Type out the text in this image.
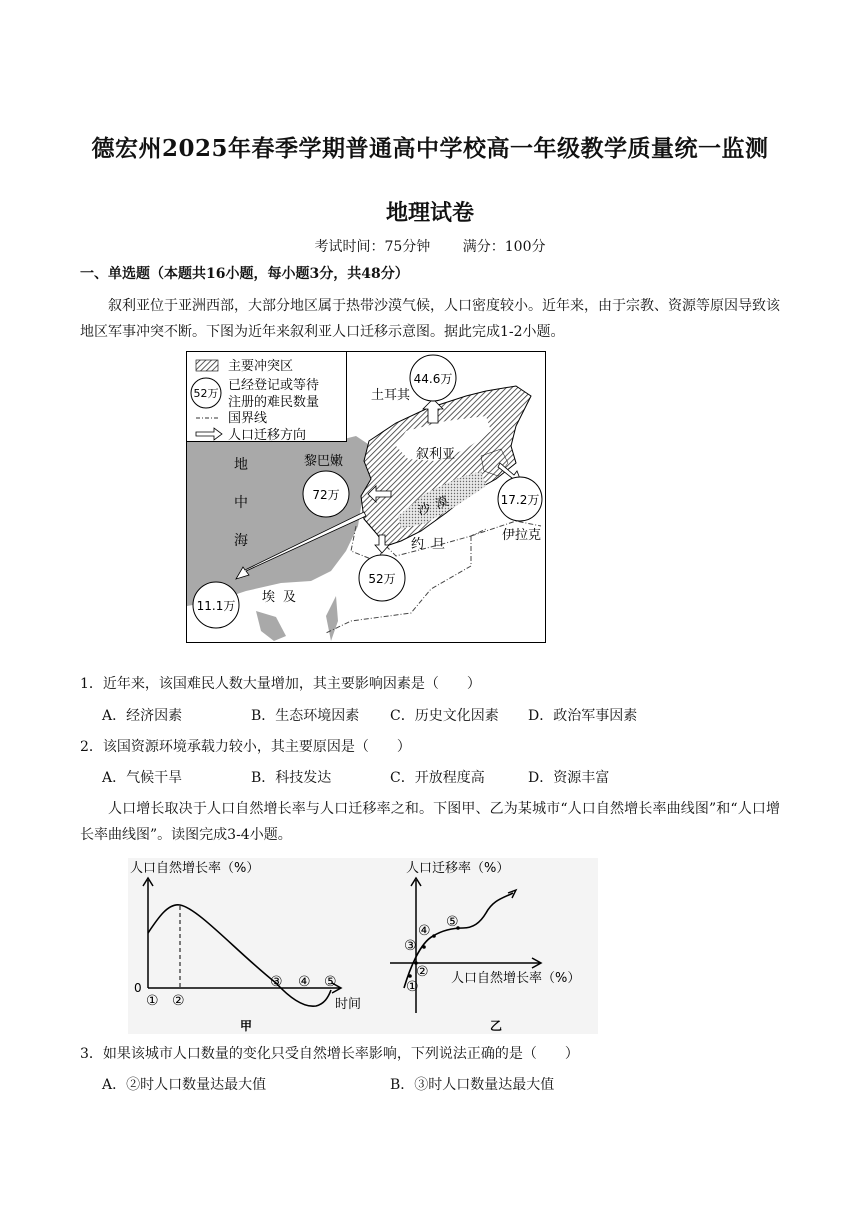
德宏州2025年春季学期普通高中学校高一年级教学质量统一监测
地理试卷
考试时间：75分钟 满分：100分
一、单选题（本题共16小题，每小题3分，共48分）
叙利亚位于亚洲西部，大部分地区属于热带沙漠气候，人口密度较小。近年来，由于宗教、资源等原因导致该地区军事冲突不断。下图为近年来叙利亚人口迁移示意图。据此完成1-2小题。
主要冲突区
52万
已经登记或等待
注册的难民数量
国界线
人口迁移方向
土耳其
黎巴嫩	叙利亚
沙漠
约旦
伊拉克
埃及
地
中
海
44.6万
72万	17.2万
52万
11.1万
1．近年来，该国难民人数大量增加，其主要影响因素是（　　）
A．经济因素	B．生态环境因素 C．历史文化因素 D．政治军事因素
2．该国资源环境承载力较小，其主要原因是（　　）
A．气候干旱	B．科技发达	C．开放程度高	D．资源丰富
人口增长取决于人口自然增长率与人口迁移率之和。下图甲、乙为某城市“人口自然增长率曲线图”和“人口增长率曲线图”。读图完成3-4小题。
人口自然增长率（%）
0
① ②
③ ④ ⑤
时间
甲
人口迁移率（%）
①
②
③
④
⑤
人口自然增长率（%）
乙
3．如果该城市人口数量的变化只受自然增长率影响，下列说法正确的是（　　）
A．②时人口数量达最大值	B．③时人口数量达最大值
